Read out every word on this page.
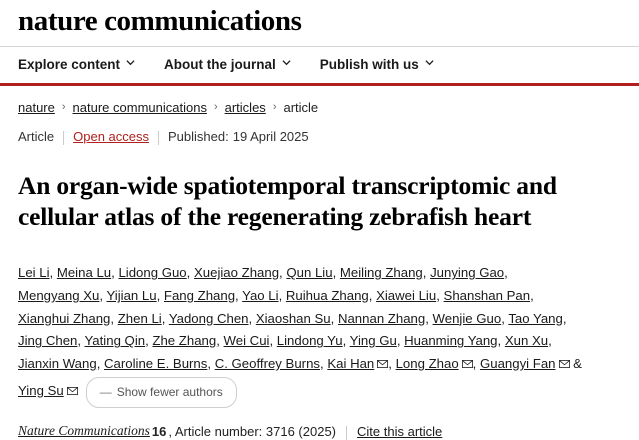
nature communications
Explore content	About the journal	Publish with us
nature › nature communications › articles › article
Article Open access Published: 19 April 2025
An organ-wide spatiotemporal transcriptomic and cellular atlas of the regenerating zebrafish heart
Lei Li, Meina Lu, Lidong Guo, Xuejiao Zhang, Qun Liu, Meiling Zhang, Junying Gao, Mengyang Xu, Yijian Lu, Fang Zhang, Yao Li, Ruihua Zhang, Xiawei Liu, Shanshan Pan, Xianghui Zhang, Zhen Li, Yadong Chen, Xiaoshan Su, Nannan Zhang, Wenjie Guo, Tao Yang, Jing Chen, Yating Qin, Zhe Zhang, Wei Cui, Lindong Yu, Ying Gu, Huanming Yang, Xun Xu, Jianxin Wang, Caroline E. Burns, C. Geoffrey Burns, Kai Han , Long Zhao , Guangyi Fan & Ying Su	— Show fewer authors
Nature Communications 16 , Article number: 3716 (2025) Cite this article
